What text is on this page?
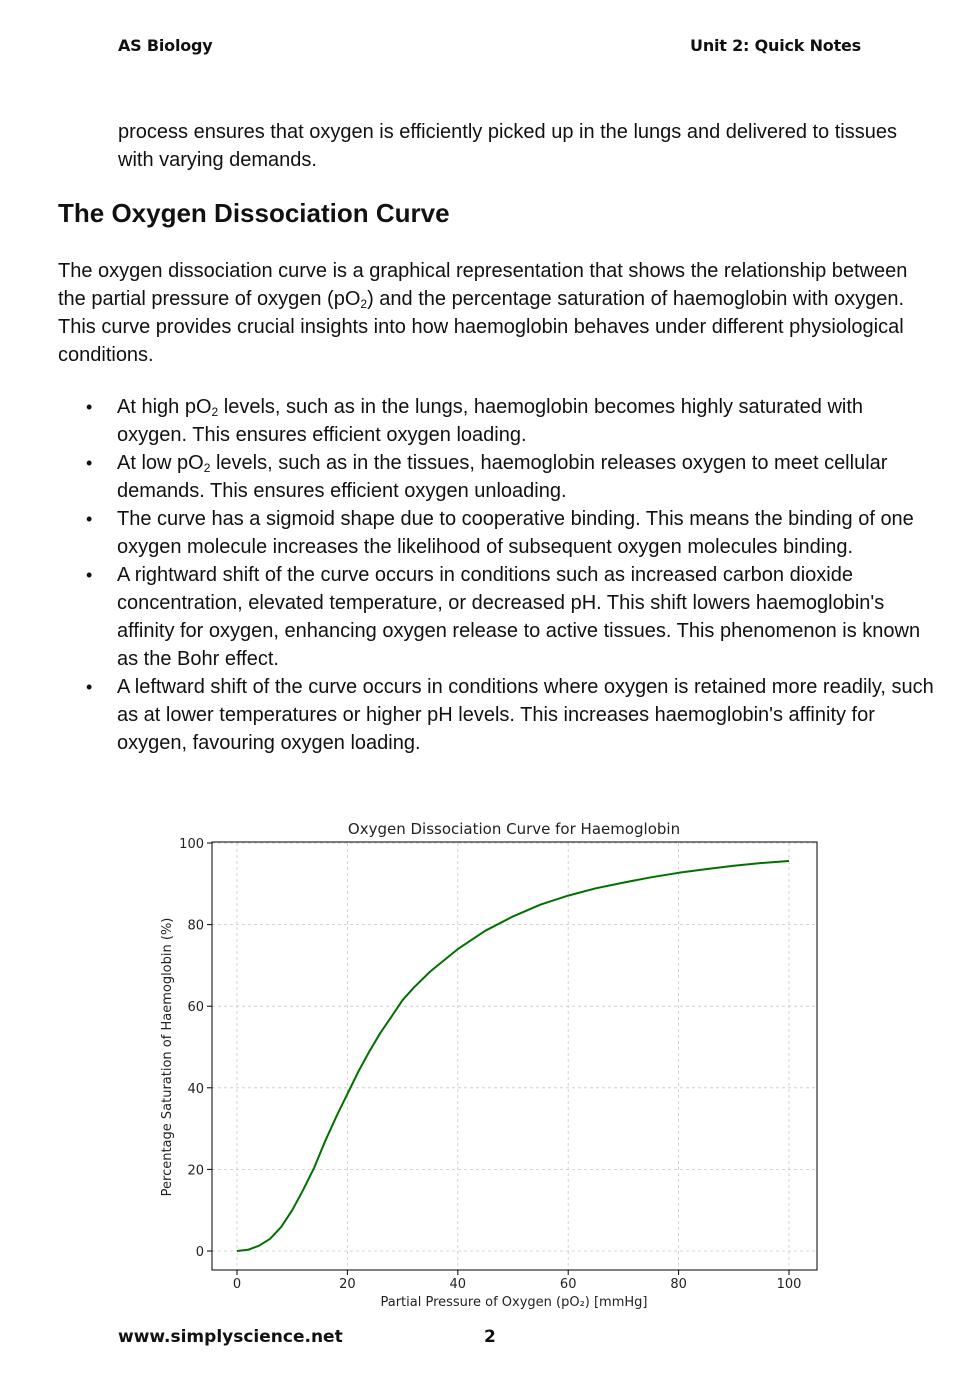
AS Biology	Unit 2: Quick Notes

process ensures that oxygen is efficiently picked up in the lungs and delivered to tissues with varying demands.

The Oxygen Dissociation Curve

The oxygen dissociation curve is a graphical representation that shows the relationship between the partial pressure of oxygen $(pO_2)$ and the percentage saturation of haemoglobin with oxygen. This curve provides crucial insights into how haemoglobin behaves under different physiological conditions.

• At high $pO_2$ levels, such as in the lungs, haemoglobin becomes highly saturated with oxygen. This ensures efficient oxygen loading.
• At low $pO_2$ levels, such as in the tissues, haemoglobin releases oxygen to meet cellular demands. This ensures efficient oxygen unloading.
• The curve has a sigmoid shape due to cooperative binding. This means the binding of one oxygen molecule increases the likelihood of subsequent oxygen molecules binding.
• A rightward shift of the curve occurs in conditions such as increased carbon dioxide concentration, elevated temperature, or decreased pH. This shift lowers haemoglobin's affinity for oxygen, enhancing oxygen release to active tissues. This phenomenon is known as the Bohr effect.
• A leftward shift of the curve occurs in conditions where oxygen is retained more readily, such as at lower temperatures or higher pH levels. This increases haemoglobin's affinity for oxygen, favouring oxygen loading.
0	20	40	60	80	100
0
20
40
60
80
100
Oxygen Dissociation Curve for Haemoglobin
Partial Pressure of Oxygen (pO₂) [mmHg]
Percentage Saturation of Haemoglobin (%)
www.simplyscience.net	2
